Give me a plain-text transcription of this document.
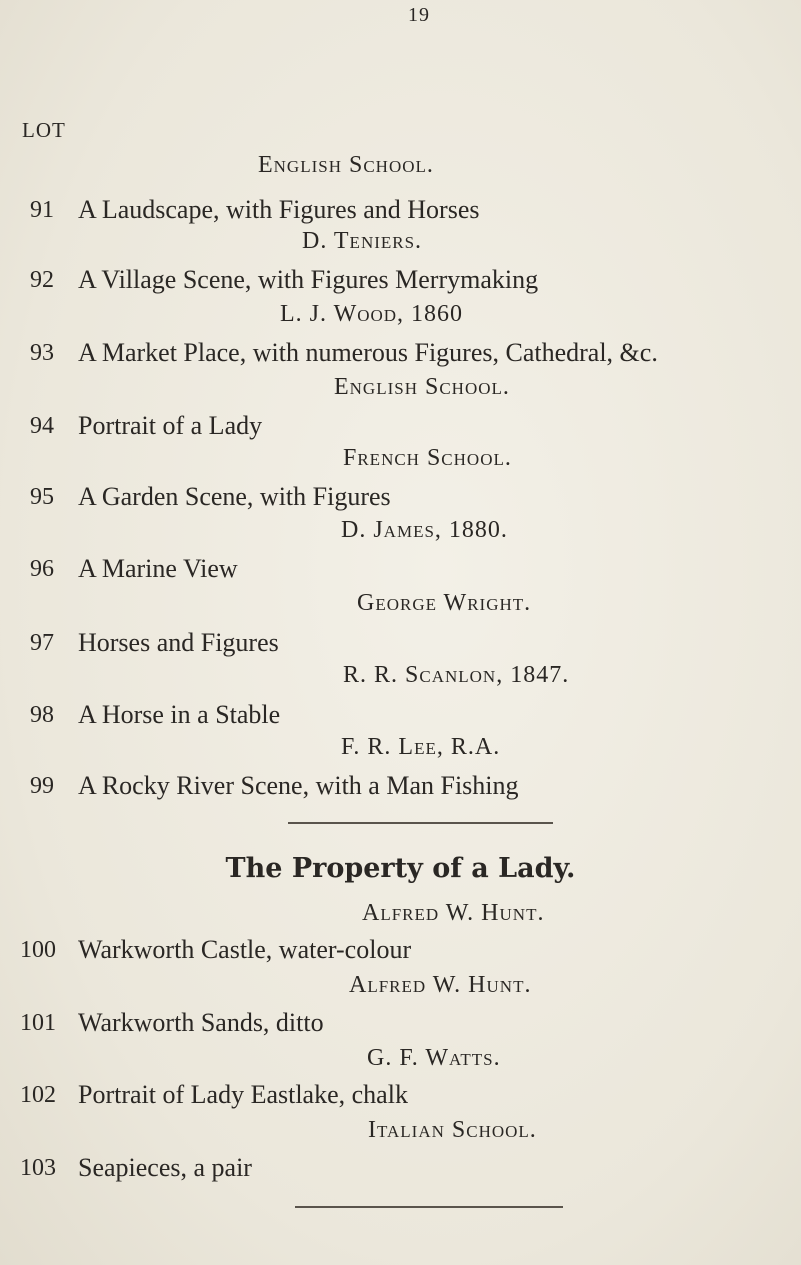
19
LOT
English School.
91 A Laudscape, with Figures and Horses
D. Teniers.
92 A Village Scene, with Figures Merrymaking
L. J. Wood, 1860
93 A Market Place, with numerous Figures, Cathedral, &c.
English School.
94 Portrait of a Lady
French School.
95 A Garden Scene, with Figures
D. James, 1880.
96 A Marine View
George Wright.
97 Horses and Figures
R. R. Scanlon, 1847.
98 A Horse in a Stable
F. R. Lee, R.A.
99 A Rocky River Scene, with a Man Fishing
The Property of a Lady.
Alfred W. Hunt.
100 Warkworth Castle, water-colour
Alfred W. Hunt.
101 Warkworth Sands, ditto
G. F. Watts.
102 Portrait of Lady Eastlake, chalk
Italian School.
103 Seapieces, a pair
